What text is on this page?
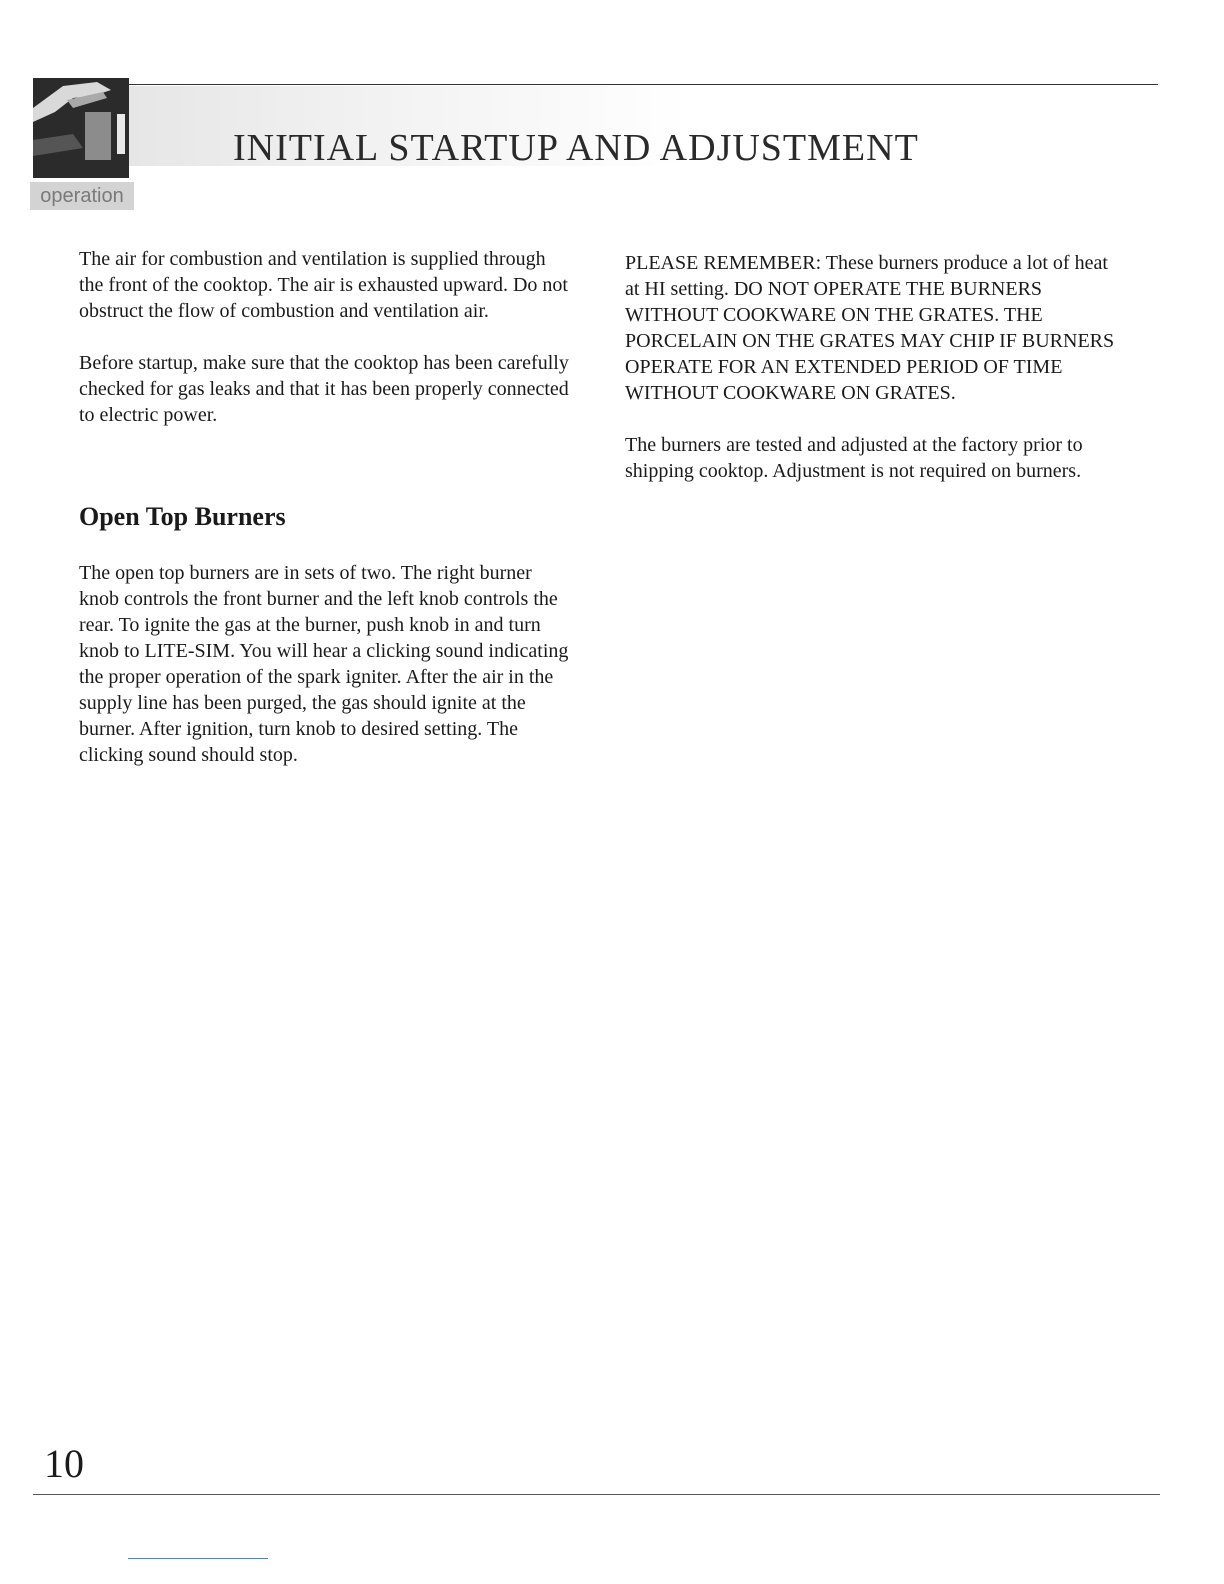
operation
INITIAL STARTUP AND ADJUSTMENT

The air for combustion and ventilation is supplied through the front of the cooktop. The air is exhausted upward. Do not obstruct the flow of combustion and ventilation air.

Before startup, make sure that the cooktop has been carefully checked for gas leaks and that it has been properly connected to electric power.

Open Top Burners

The open top burners are in sets of two. The right burner knob controls the front burner and the left knob controls the rear. To ignite the gas at the burner, push knob in and turn knob to LITE-SIM. You will hear a clicking sound indicating the proper operation of the spark igniter. After the air in the supply line has been purged, the gas should ignite at the burner. After ignition, turn knob to desired setting. The clicking sound should stop.

PLEASE REMEMBER: These burners produce a lot of heat at HI setting. DO NOT OPERATE THE BURNERS WITHOUT COOKWARE ON THE GRATES. THE PORCELAIN ON THE GRATES MAY CHIP IF BURNERS OPERATE FOR AN EXTENDED PERIOD OF TIME WITHOUT COOKWARE ON GRATES.

The burners are tested and adjusted at the factory prior to shipping cooktop. Adjustment is not required on burners.

10
